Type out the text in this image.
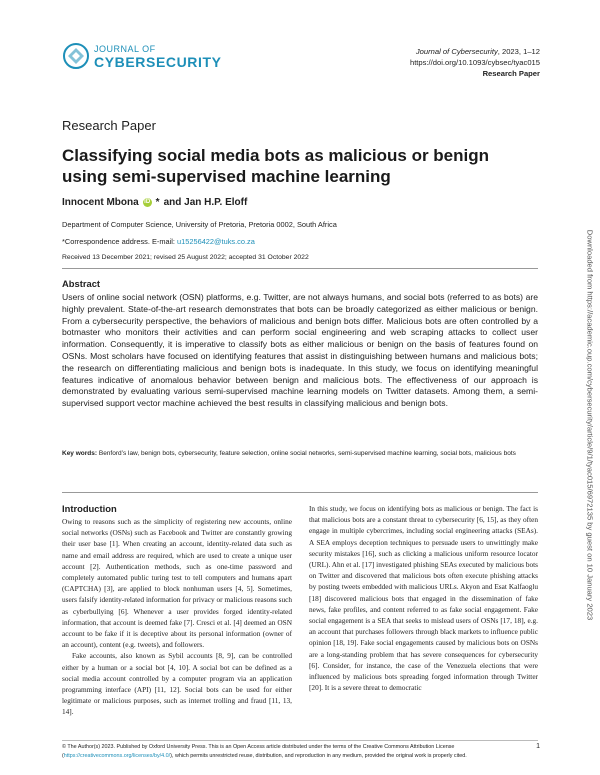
JOURNAL OF
CYBERSECURITY
Journal of Cybersecurity, 2023, 1–12
https://doi.org/10.1093/cybsec/tyac015
Research Paper
Research Paper
Classifying social media bots as malicious or benign using semi-supervised machine learning
Innocent Mbona iD * and Jan H.P. Eloff
Department of Computer Science, University of Pretoria, Pretoria 0002, South Africa
*Correspondence address. E-mail: u15256422@tuks.co.za
Received 13 December 2021; revised 25 August 2022; accepted 31 October 2022
Abstract

Users of online social network (OSN) platforms, e.g. Twitter, are not always humans, and social bots (referred to as bots) are highly prevalent. State-of-the-art research demonstrates that bots can be broadly categorized as either malicious or benign. From a cybersecurity perspective, the behaviors of malicious and benign bots differ. Malicious bots are often controlled by a botmaster who monitors their activities and can perform social engineering and web scraping attacks to collect user information. Consequently, it is imperative to classify bots as either malicious or benign on the basis of features found on OSNs. Most scholars have focused on identifying features that assist in distinguishing between humans and malicious bots; the research on differentiating malicious and benign bots is inadequate. In this study, we focus on identifying meaningful features indicative of anomalous behavior between benign and malicious bots. The effectiveness of our approach is demonstrated by evaluating various semi-supervised machine learning models on Twitter datasets. Among them, a semi-supervised support vector machine achieved the best results in classifying malicious and benign bots.

Key words: Benford’s law, benign bots, cybersecurity, feature selection, online social networks, semi-supervised machine learning, social bots, malicious bots

Introduction

Owing to reasons such as the simplicity of registering new accounts, online social networks (OSNs) such as Facebook and Twitter are constantly growing their user base [1]. When creating an account, identity-related data such as name and email address are required, which are used to create a unique user account [2]. Authentication methods, such as one-time password and completely automated public turing test to tell computers and humans apart (CAPTCHA) [3], are applied to block nonhuman users [4, 5]. Sometimes, users falsify identity-related information for privacy or malicious reasons such as cyberbullying [6]. Whenever a user provides forged identity-related information, that account is deemed fake [7]. Cresci et al. [4] deemed an OSN account to be fake if it is deceptive about its personal information (owner of an account), content (e.g. tweets), and followers.

Fake accounts, also known as Sybil accounts [8, 9], can be controlled either by a human or a social bot [4, 10]. A social bot can be defined as a social media account controlled by a computer program via an application programming interface (API) [11, 12]. Social bots can be used for either legitimate or malicious purposes, such as internet trolling and fraud [11, 13, 14].

In this study, we focus on identifying bots as malicious or benign. The fact is that malicious bots are a constant threat to cybersecurity [6, 15], as they often engage in multiple cybercrimes, including social engineering attacks (SEAs). A SEA employs deception techniques to persuade users to unwittingly make security mistakes [16], such as clicking a malicious uniform resource locator (URL). Ahn et al. [17] investigated phishing SEAs executed by malicious bots on Twitter and discovered that malicious bots often execute phishing attacks by posting tweets embedded with malicious URLs. Akyon and Esat Kalfaoglu [18] discovered malicious bots that engaged in the dissemination of fake news, fake profiles, and content referred to as fake social engagement. Fake social engagement is a SEA that seeks to mislead users of OSNs [17, 18], e.g. an account that purchases followers through black markets to influence public opinion [18, 19]. Fake social engagements caused by malicious bots on OSNs are a long-standing problem that has severe consequences for cybersecurity [6]. Consider, for instance, the case of the Venezuela elections that were influenced by malicious bots spreading forged information through Twitter [20]. It is a severe threat to democratic

© The Author(s) 2023. Published by Oxford University Press. This is an Open Access article distributed under the terms of the Creative Commons Attribution License (https://creativecommons.org/licenses/by/4.0/), which permits unrestricted reuse, distribution, and reproduction in any medium, provided the original work is properly cited.
1
Downloaded from https://academic.oup.com/cybersecurity/article/9/1/tyac015/6972135 by guest on 10 January 2023
